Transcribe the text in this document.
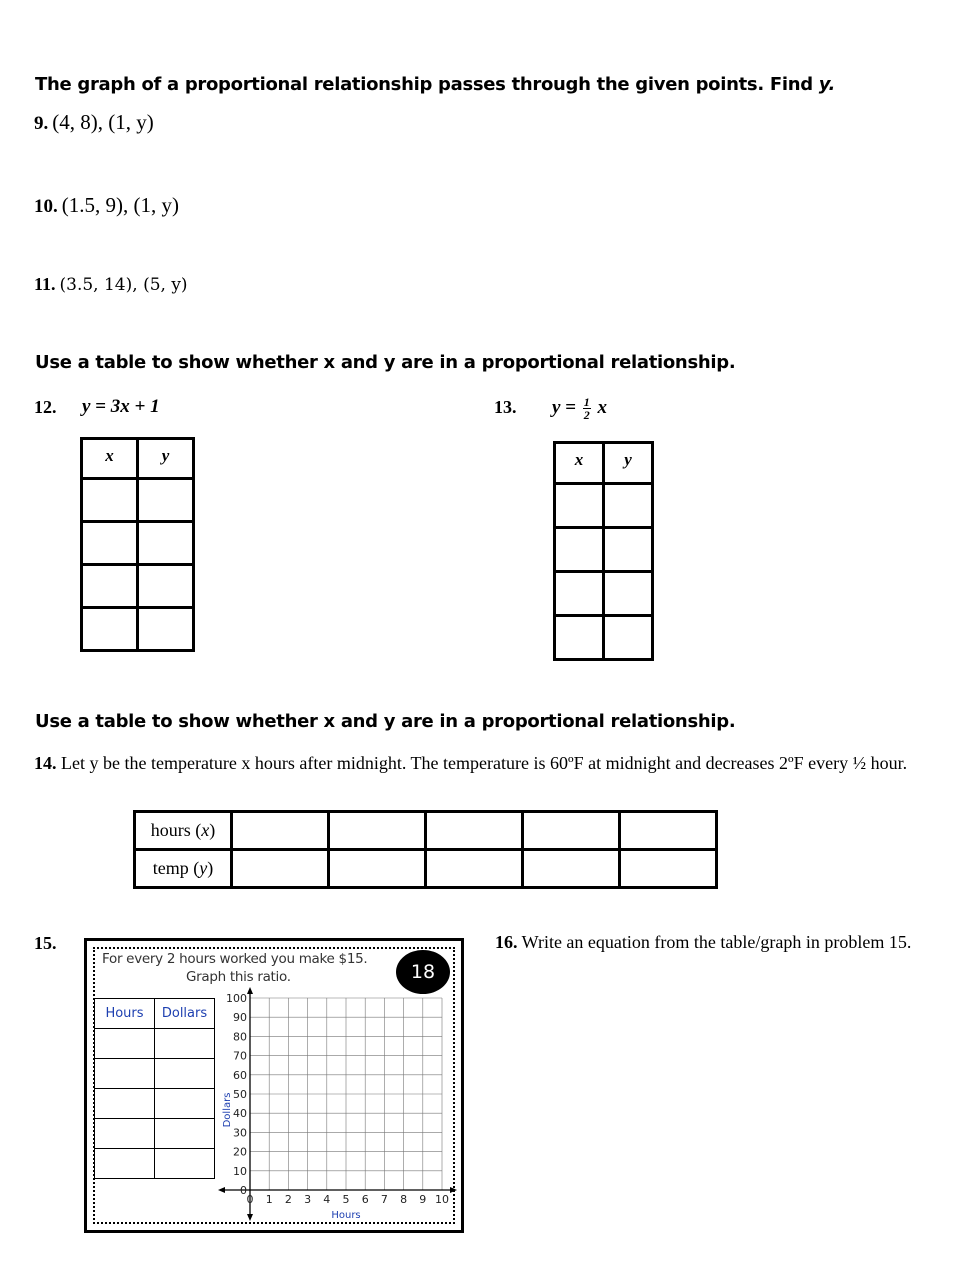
The graph of a proportional relationship passes through the given points. Find y.
9. (4, 8), (1, y)
10. (1.5, 9), (1, y)
11. (3.5, 14), (5, y)
Use a table to show whether x and y are in a proportional relationship.
12. y = 3x + 1
x	y

13. $y = \frac{1}{2}$ x
x	y

Use a table to show whether x and y are in a proportional relationship.
14. Let y be the temperature x hours after midnight. The temperature is 60ºF at midnight and decreases 2ºF every ½ hour.
hours (x)					
temp (y)					
15.
For every 2 hours worked you make $15.
Graph this ratio.	18
Hours	Dollars

100
90
80
70
60
50
40
30
20
10
0
0 1 2 3 4 5 6 7 8 9 10
Dollars
Hours
16. Write an equation from the table/graph in problem 15.
